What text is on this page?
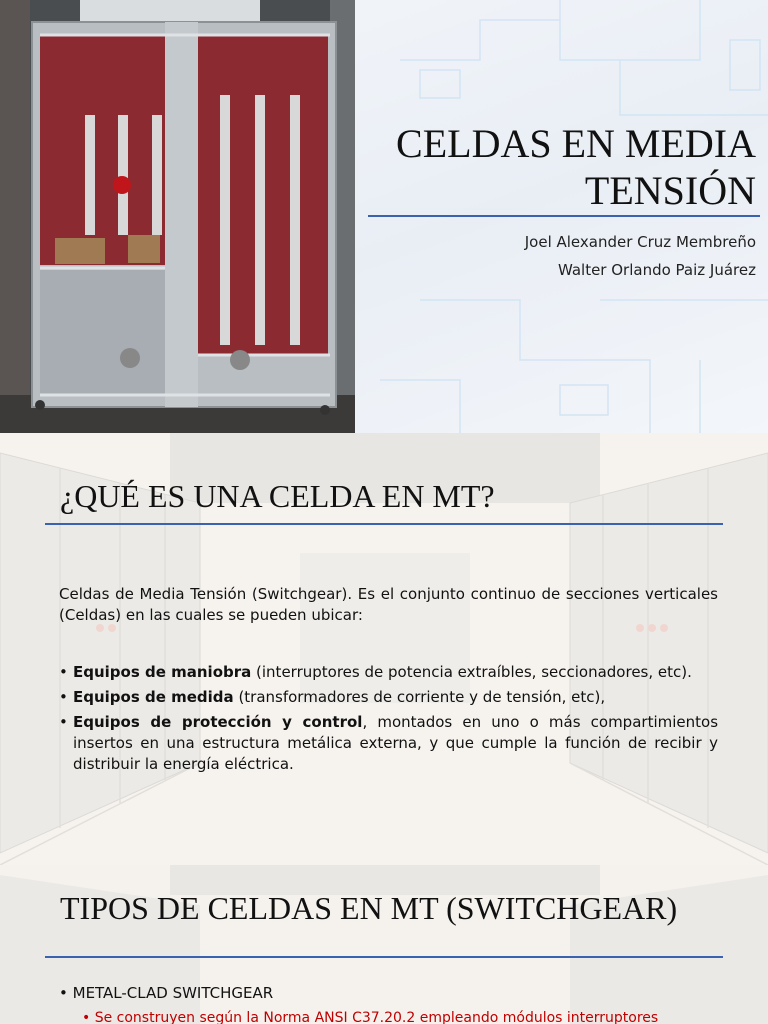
CELDAS EN MEDIA
TENSIÓN
Joel Alexander Cruz Membreño
Walter Orlando Paiz Juárez
¿QUÉ ES UNA CELDA EN MT?
Celdas de Media Tensión (Switchgear). Es el conjunto continuo de secciones verticales (Celdas) en las cuales se pueden ubicar:
• Equipos de maniobra (interruptores de potencia extraíbles, seccionadores, etc).
• Equipos de medida (transformadores de corriente y de tensión, etc),
• Equipos de protección y control, montados en uno o más compartimientos insertos en una estructura metálica externa, y que cumple la función de recibir y distribuir la energía eléctrica.
TIPOS DE CELDAS EN MT (SWITCHGEAR)
• METAL-CLAD SWITCHGEAR
• Se construyen según la Norma ANSI C37.20.2 empleando módulos interruptores
